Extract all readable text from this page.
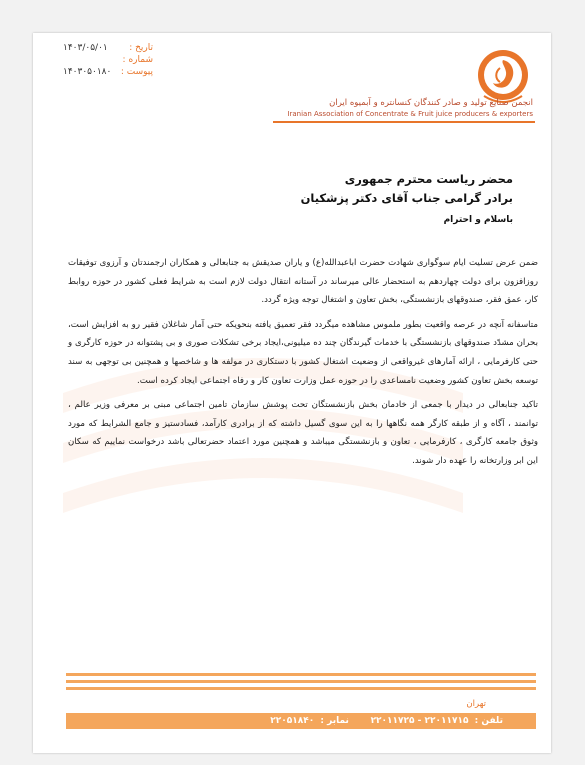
انجمن صنایع تولید و صادر کنندگان کنسانتره و آبمیوه ایران
Iranian Association of Concentrate & Fruit juice producers & exporters
تاریخ :
۱۴۰۳/۰۵/۰۱
شماره :
پیوست :
۱۴۰۳۰۵۰۱۸۰
محضر ریاست محترم جمهوری
برادر گرامی جناب آقای دکتر پزشکیان
باسلام و احترام

ضمن عرض تسلیت ایام سوگواری شهادت حضرت اباعبدالله(ع) و یاران صدیقش به جنابعالی و همکاران ارجمندتان و آرزوی توفیقات روزافزون برای دولت چهاردهم به استحضار عالی میرساند در آستانه انتقال دولت لازم است به شرایط فعلی کشور در حوزه روابط کار، عمق فقر، صندوقهای بازنشستگی، بخش تعاون و اشتغال توجه ویژه گردد.

متاسفانه آنچه در عرصه واقعیت بطور ملموس مشاهده میگردد فقر تعمیق یافته بنحویکه حتی آمار شاغلان فقیر رو به افزایش است، بحران مشدّد صندوقهای بازنشستگی با خدمات گیرندگان چند ده میلیونی،ایجاد برخی تشکلات صوری و بی پشتوانه در حوزه کارگری و حتی کارفرمایی ، ارائه آمارهای غیرواقعی از وضعیت اشتغال کشور با دستکاری در مولفه ها و شاخصها و همچنین بی توجهی به سند توسعه بخش تعاون کشور وضعیت نامساعدی را در حوزه عمل وزارت تعاون کار و رفاه اجتماعی ایجاد کرده است.

تاکید جنابعالی در دیدار با جمعی از خادمان بخش بازنشستگان تحت پوشش سازمان تامین اجتماعی مبنی بر معرفی وزیر عالم ، توانمند ، آگاه و از طبقه کارگر همه نگاهها را به این سوی گسیل داشته که از برادری کارآمد، فسادستیز و جامع الشرایط که مورد وثوق جامعه کارگری ، کارفرمایی ، تعاون و بازنشستگی میباشد و همچنین مورد اعتماد حضرتعالی باشد درخواست نماییم که سکان این ابر وزارتخانه را عهده دار شوند.

تهران
تلفن : ۲۲۰۱۱۷۱۵ - ۲۲۰۱۱۷۲۵     نمابر : ۲۲۰۵۱۸۴۰
